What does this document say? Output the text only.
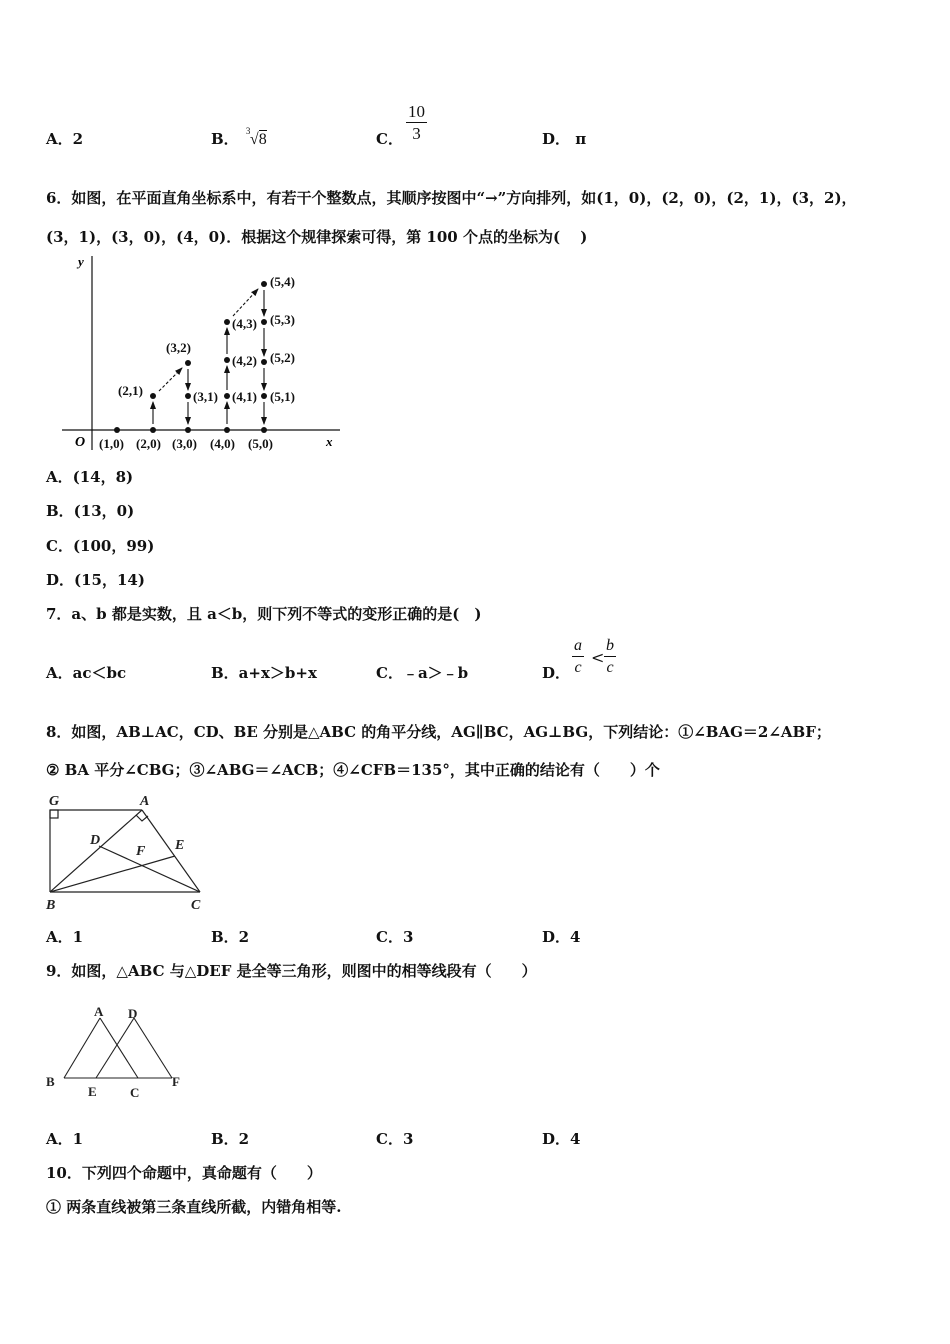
A．2	B． 3 √8	C． $\frac{10}{3}$	D． π
6．如图，在平面直角坐标系中，有若干个整数点，其顺序按图中“→”方向排列，如(1，0)，(2，0)，(2，1)，(3，2)，
(3，1)，(3，0)，(4，0)．根据这个规律探索可得，第 100 个点的坐标为(　 )
y
x
O (1,0) (2,0) (3,0) (4,0) (5,0)
(2,1)
(3,2)
(3,1) (4,1)
(4,2)
(4,3)
(5,4)
(5,3)
(5,2)
(5,1)
A．(14，8)
B．(13，0)
C．(100，99)
D．(15，14)
7．a、b 都是实数，且 a＜b，则下列不等式的变形正确的是(　)
A．ac＜bc	B．a+x＞b+x	C．﹣a＞﹣b	D． $\frac{a}{c} < \frac{b}{c}$
8．如图，AB⊥AC，CD、BE 分别是△ABC 的角平分线，AG∥BC，AG⊥BG，下列结论：①∠BAG＝2∠ABF；
② BA 平分∠CBG；③∠ABG＝∠ACB；④∠CFB＝135°，其中正确的结论有（　　）个
G	A
D
F E
B	C
A．1	B．2	C．3	D．4
9．如图，△ABC 与△DEF 是全等三角形，则图中的相等线段有（　　）
A D
B
E	C
F
A．1	B．2	C．3	D．4
10．下列四个命题中，真命题有（　　）
① 两条直线被第三条直线所截，内错角相等.
